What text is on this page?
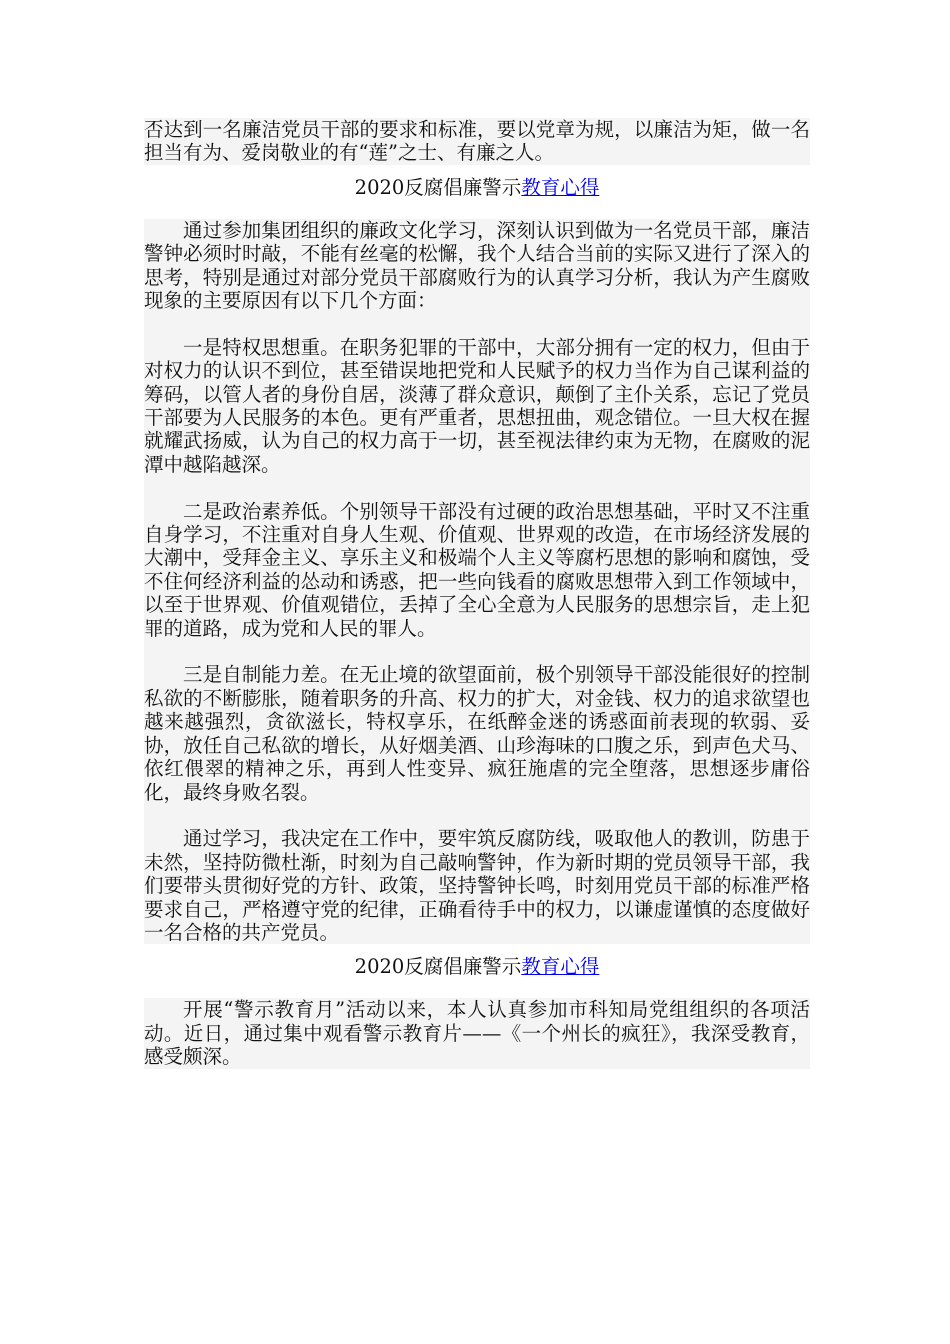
否达到一名廉洁党员干部的要求和标准，要以党章为规，以廉洁为矩，做一名担当有为、爱岗敬业的有“莲”之士、有廉之人。

2020反腐倡廉警示教育心得

通过参加集团组织的廉政文化学习，深刻认识到做为一名党员干部，廉洁警钟必须时时敲，不能有丝毫的松懈，我个人结合当前的实际又进行了深入的思考，特别是通过对部分党员干部腐败行为的认真学习分析，我认为产生腐败现象的主要原因有以下几个方面：

一是特权思想重。在职务犯罪的干部中，大部分拥有一定的权力，但由于对权力的认识不到位，甚至错误地把党和人民赋予的权力当作为自己谋利益的筹码，以管人者的身份自居，淡薄了群众意识，颠倒了主仆关系，忘记了党员干部要为人民服务的本色。更有严重者，思想扭曲，观念错位。一旦大权在握就耀武扬威，认为自己的权力高于一切，甚至视法律约束为无物，在腐败的泥潭中越陷越深。

二是政治素养低。个别领导干部没有过硬的政治思想基础，平时又不注重自身学习，不注重对自身人生观、价值观、世界观的改造，在市场经济发展的大潮中，受拜金主义、享乐主义和极端个人主义等腐朽思想的影响和腐蚀，受不住何经济利益的怂动和诱惑，把一些向钱看的腐败思想带入到工作领域中，以至于世界观、价值观错位，丢掉了全心全意为人民服务的思想宗旨，走上犯罪的道路，成为党和人民的罪人。

三是自制能力差。在无止境的欲望面前，极个别领导干部没能很好的控制私欲的不断膨胀，随着职务的升高、权力的扩大，对金钱、权力的追求欲望也越来越强烈，贪欲滋长，特权享乐，在纸醉金迷的诱惑面前表现的软弱、妥协，放任自己私欲的增长，从好烟美酒、山珍海味的口腹之乐，到声色犬马、依红偎翠的精神之乐，再到人性变异、疯狂施虐的完全堕落，思想逐步庸俗化，最终身败名裂。

通过学习，我决定在工作中，要牢筑反腐防线，吸取他人的教训，防患于未然，坚持防微杜渐，时刻为自己敲响警钟，作为新时期的党员领导干部，我们要带头贯彻好党的方针、政策，坚持警钟长鸣，时刻用党员干部的标准严格要求自己，严格遵守党的纪律，正确看待手中的权力，以谦虚谨慎的态度做好一名合格的共产党员。

2020反腐倡廉警示教育心得

开展“警示教育月”活动以来，本人认真参加市科知局党组组织的各项活动。近日，通过集中观看警示教育片——《一个州长的疯狂》，我深受教育，感受颇深。
